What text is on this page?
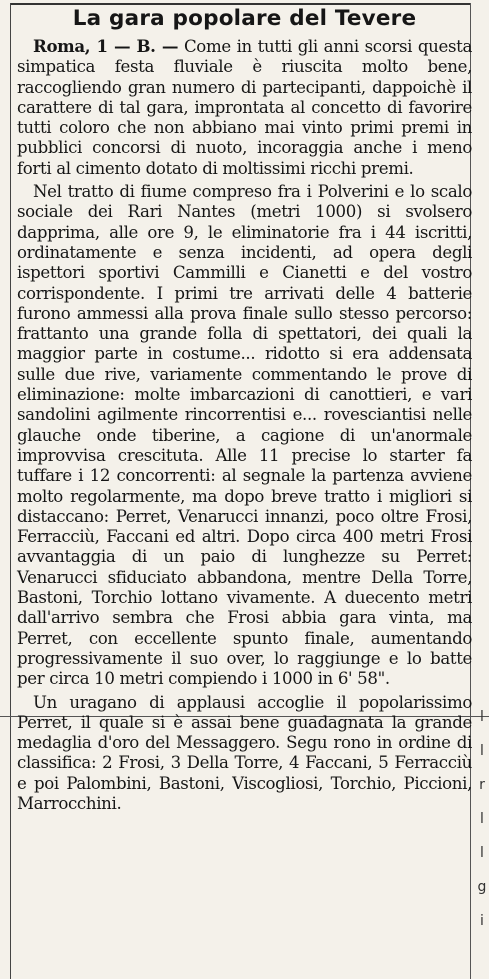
l
l
r
l
l
g
i
La gara popolare del Tevere

Roma, 1 — B. — Come in tutti gli anni scorsi questa simpatica festa fluviale è riuscita molto bene, raccogliendo gran numero di partecipanti, dappoichè il carattere di tal gara, improntata al concetto di favorire tutti coloro che non abbiano mai vinto primi premi in pubblici concorsi di nuoto, incoraggia anche i meno forti al cimento dotato di moltissimi ricchi premi.

Nel tratto di fiume compreso fra i Polverini e lo scalo sociale dei Rari Nantes (metri 1000) si svolsero dapprima, alle ore 9, le eliminatorie fra i 44 iscritti, ordinatamente e senza incidenti, ad opera degli ispettori sportivi Cammilli e Cianetti e del vostro corrispondente. I primi tre arrivati delle 4 batterie furono ammessi alla prova finale sullo stesso percorso: frattanto una grande folla di spettatori, dei quali la maggior parte in costume... ridotto si era addensata sulle due rive, variamente commentando le prove di eliminazione: molte imbarcazioni di canottieri, e vari sandolini agilmente rincorrentisi e... rovesciantisi nelle glauche onde tiberine, a cagione di un'anormale improvvisa crescituta. Alle 11 precise lo starter fa tuffare i 12 concorrenti: al segnale la partenza avviene molto regolarmente, ma dopo breve tratto i migliori si distaccano: Perret, Venarucci innanzi, poco oltre Frosi, Ferracciù, Faccani ed altri. Dopo circa 400 metri Frosi avvantaggia di un paio di lunghezze su Perret: Venarucci sfiduciato abbandona, mentre Della Torre, Bastoni, Torchio lottano vivamente. A duecento metri dall'arrivo sembra che Frosi abbia gara vinta, ma Perret, con eccellente spunto finale, aumentando progressivamente il suo over, lo raggiunge e lo batte per circa 10 metri compiendo i 1000 in 6' 58".

Un uragano di applausi accoglie il popolarissimo Perret, il quale si è assai bene guadagnata la grande medaglia d'oro del Messaggero. Segu rono in ordine di classifica: 2 Frosi, 3 Della Torre, 4 Faccani, 5 Ferracciù e poi Palombini, Bastoni, Viscogliosi, Torchio, Piccioni, Marrocchini.
